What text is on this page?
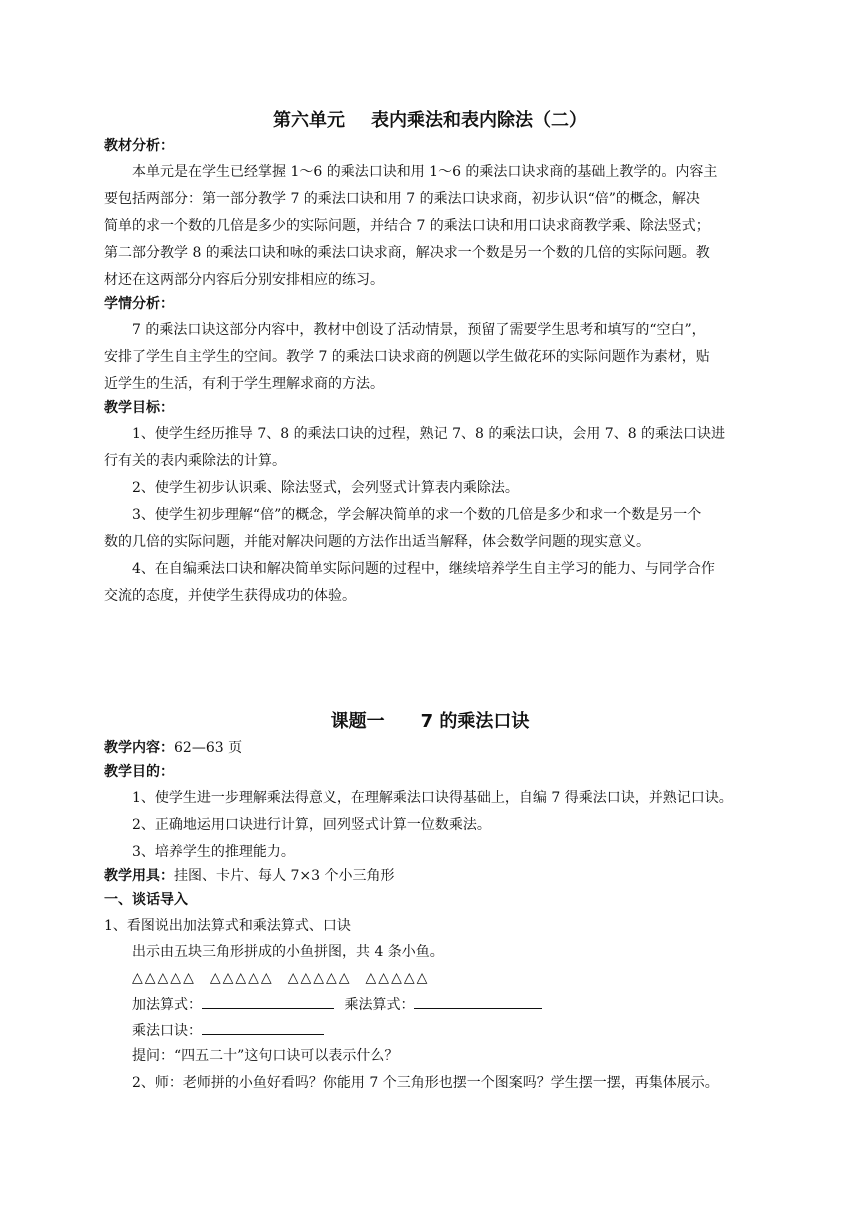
第六单元 表内乘法和表内除法（二）
教材分析：
本单元是在学生已经掌握 1～6 的乘法口诀和用 1～6 的乘法口诀求商的基础上教学的。内容主
要包括两部分：第一部分教学 7 的乘法口诀和用 7 的乘法口诀求商，初步认识“倍”的概念，解决
简单的求一个数的几倍是多少的实际问题，并结合 7 的乘法口诀和用口诀求商教学乘、除法竖式；
第二部分教学 8 的乘法口诀和咏的乘法口诀求商，解决求一个数是另一个数的几倍的实际问题。教
材还在这两部分内容后分别安排相应的练习。
学情分析：
7 的乘法口诀这部分内容中，教材中创设了活动情景，预留了需要学生思考和填写的“空白”，
安排了学生自主学生的空间。教学 7 的乘法口诀求商的例题以学生做花环的实际问题作为素材，贴
近学生的生活，有利于学生理解求商的方法。
教学目标：
1、使学生经历推导 7、8 的乘法口诀的过程，熟记 7、8 的乘法口诀，会用 7、8 的乘法口诀进
行有关的表内乘除法的计算。
2、使学生初步认识乘、除法竖式，会列竖式计算表内乘除法。
3、使学生初步理解“倍”的概念，学会解决简单的求一个数的几倍是多少和求一个数是另一个
数的几倍的实际问题，并能对解决问题的方法作出适当解释，体会数学问题的现实意义。
4、在自编乘法口诀和解决简单实际问题的过程中，继续培养学生自主学习的能力、与同学合作
交流的态度，并使学生获得成功的体验。
课题一 7 的乘法口诀
教学内容：62—63 页
教学目的：
1、使学生进一步理解乘法得意义，在理解乘法口诀得基础上，自编 7 得乘法口诀，并熟记口诀。
2、正确地运用口诀进行计算，回列竖式计算一位数乘法。
3、培养学生的推理能力。
教学用具：挂图、卡片、每人 7×3 个小三角形
一、谈话导入
1、看图说出加法算式和乘法算式、口诀
出示由五块三角形拼成的小鱼拼图，共 4 条小鱼。
△△△△△ △△△△△ △△△△△ △△△△△
加法算式：	乘法算式：
乘法口诀：
提问：“四五二十”这句口诀可以表示什么？
2、师：老师拼的小鱼好看吗？你能用 7 个三角形也摆一个图案吗？学生摆一摆，再集体展示。
